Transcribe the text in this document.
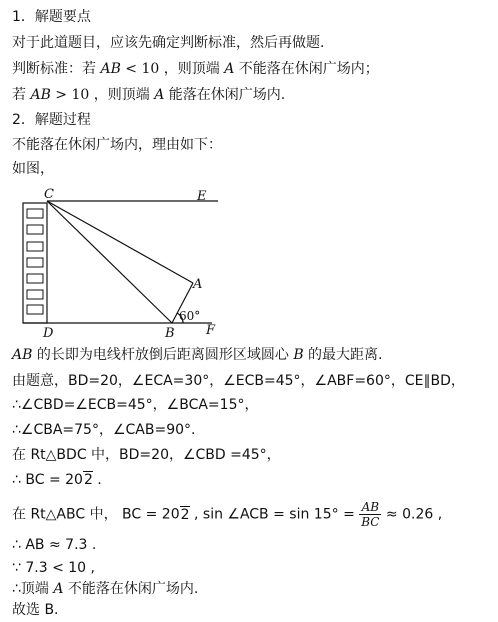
1．解题要点
对于此道题目，应该先确定判断标准，然后再做题.
判断标准：若 AB < 10 ，则顶端 A 不能落在休闲广场内；
若 AB > 10 ，则顶端 A 能落在休闲广场内.
2．解题过程
不能落在休闲广场内，理由如下：
如图，
C	E
D	B F
A
60°
AB 的长即为电线杆放倒后距离圆形区域圆心 B 的最大距离.
由题意，BD=20，∠ECA=30°，∠ECB=45°，∠ABF=60°，CE∥BD，
∴∠CBD=∠ECB=45°，∠BCA=15°，
∴∠CBA=75°，∠CAB=90°.
在 Rt△BDC 中，BD=20，∠CBD =45°，
∴ BC = 202 .
在 Rt△ABC 中， BC = 202 , sin ∠ACB = $\sin 15^\circ = \frac{AB}{BC} \approx 0.26$ ,
∴ AB ≈ 7.3 .
∵ 7.3 < 10 ,
∴顶端 A 不能落在休闲广场内.
故选 B.
